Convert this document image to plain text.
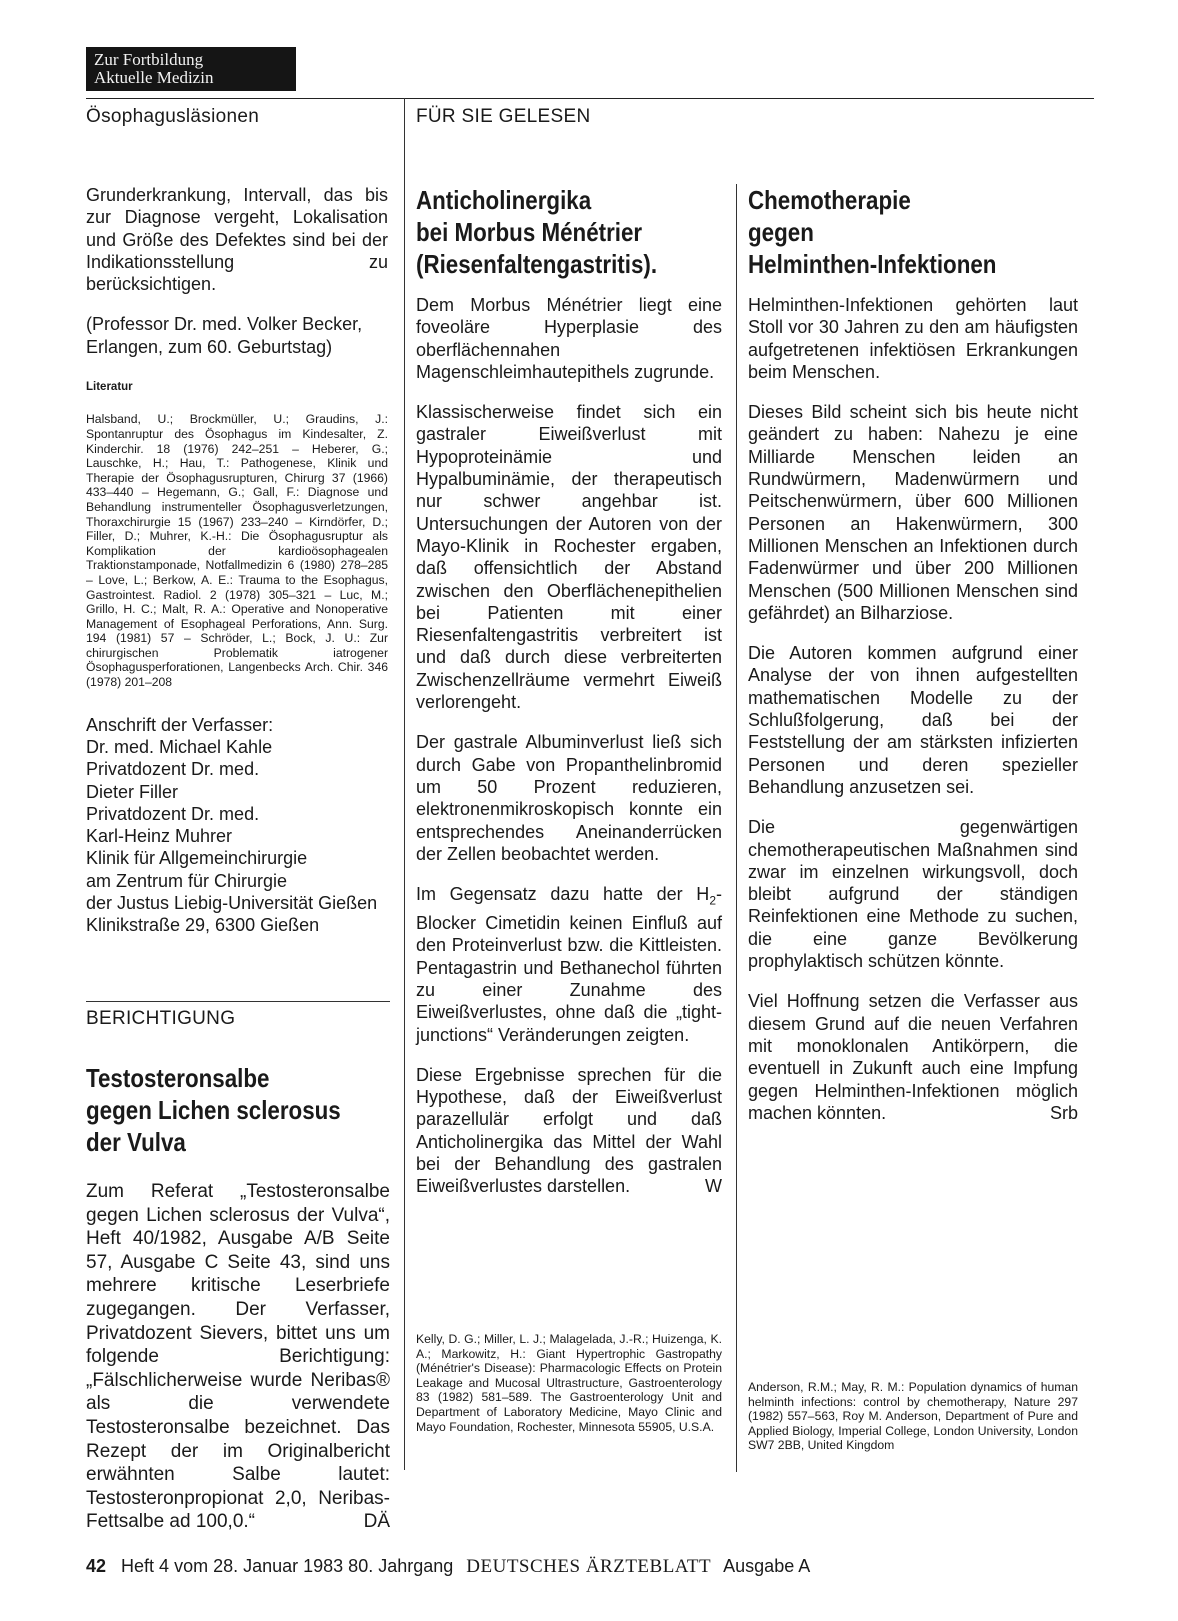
Zur Fortbildung
Aktuelle Medizin
Ösophagusläsionen

Grunderkrankung, Intervall, das bis zur Diagnose vergeht, Lokalisation und Größe des Defektes sind bei der Indikationsstellung zu berücksichtigen.

(Professor Dr. med. Volker Becker, Erlangen, zum 60. Geburtstag)

Literatur
Halsband, U.; Brockmüller, U.; Graudins, J.: Spontanruptur des Ösophagus im Kindesalter, Z. Kinderchir. 18 (1976) 242–251 – Heberer, G.; Lauschke, H.; Hau, T.: Pathogenese, Klinik und Therapie der Ösophagusrupturen, Chirurg 37 (1966) 433–440 – Hegemann, G.; Gall, F.: Diagnose und Behandlung instrumenteller Ösophagusverletzungen, Thoraxchirurgie 15 (1967) 233–240 – Kirndörfer, D.; Filler, D.; Muhrer, K.-H.: Die Ösophagusruptur als Komplikation der kardioösophagealen Traktionstamponade, Notfallmedizin 6 (1980) 278–285 – Love, L.; Berkow, A. E.: Trauma to the Esophagus, Gastrointest. Radiol. 2 (1978) 305–321 – Luc, M.; Grillo, H. C.; Malt, R. A.: Operative and Nonoperative Management of Esophageal Perforations, Ann. Surg. 194 (1981) 57 – Schröder, L.; Bock, J. U.: Zur chirurgischen Problematik iatrogener Ösophagusperforationen, Langenbecks Arch. Chir. 346 (1978) 201–208
Anschrift der Verfasser:
Dr. med. Michael Kahle
Privatdozent Dr. med.
Dieter Filler
Privatdozent Dr. med.
Karl-Heinz Muhrer
Klinik für Allgemeinchirurgie
am Zentrum für Chirurgie
der Justus Liebig-Universität Gießen
Klinikstraße 29, 6300 Gießen
BERICHTIGUNG
Testosteronsalbe
gegen Lichen sclerosus
der Vulva
Zum Referat „Testosteronsalbe gegen Lichen sclerosus der Vulva“, Heft 40/1982, Ausgabe A/B Seite 57, Ausgabe C Seite 43, sind uns mehrere kritische Leserbriefe zugegangen. Der Verfasser, Privatdozent Sievers, bittet uns um folgende Berichtigung: „Fälschlicherweise wurde Neribas® als die verwendete Testosteronsalbe bezeichnet. Das Rezept der im Originalbericht erwähnten Salbe lautet: Testosteronpropionat 2,0, Neribas-Fettsalbe ad 100,0.“	DÄ
FÜR SIE GELESEN
Anticholinergika
bei Morbus Ménétrier
(Riesenfaltengastritis).

Dem Morbus Ménétrier liegt eine foveoläre Hyperplasie des oberflächennahen Magenschleimhautepithels zugrunde.

Klassischerweise findet sich ein gastraler Eiweißverlust mit Hypoproteinämie und Hypalbuminämie, der therapeutisch nur schwer angehbar ist. Untersuchungen der Autoren von der Mayo-Klinik in Rochester ergaben, daß offensichtlich der Abstand zwischen den Oberflächenepithelien bei Patienten mit einer Riesenfaltengastritis verbreitert ist und daß durch diese verbreiterten Zwischenzellräume vermehrt Eiweiß verlorengeht.

Der gastrale Albuminverlust ließ sich durch Gabe von Propanthelinbromid um 50 Prozent reduzieren, elektronenmikroskopisch konnte ein entsprechendes Aneinanderrücken der Zellen beobachtet werden.

Im Gegensatz dazu hatte der $H_2$-Blocker Cimetidin keinen Einfluß auf den Proteinverlust bzw. die Kittleisten. Pentagastrin und Bethanechol führten zu einer Zunahme des Eiweißverlustes, ohne daß die „tight-junctions“ Veränderungen zeigten.

Diese Ergebnisse sprechen für die Hypothese, daß der Eiweißverlust parazellulär erfolgt und daß Anticholinergika das Mittel der Wahl bei der Behandlung des gastralen Eiweißverlustes darstellen.	W

Kelly, D. G.; Miller, L. J.; Malagelada, J.-R.; Huizenga, K. A.; Markowitz, H.: Giant Hypertrophic Gastropathy (Ménétrier's Disease): Pharmacologic Effects on Protein Leakage and Mucosal Ultrastructure, Gastroenterology 83 (1982) 581–589. The Gastroenterology Unit and Department of Laboratory Medicine, Mayo Clinic and Mayo Foundation, Rochester, Minnesota 55905, U.S.A.
Chemotherapie
gegen
Helminthen-Infektionen

Helminthen-Infektionen gehörten laut Stoll vor 30 Jahren zu den am häufigsten aufgetretenen infektiösen Erkrankungen beim Menschen.

Dieses Bild scheint sich bis heute nicht geändert zu haben: Nahezu je eine Milliarde Menschen leiden an Rundwürmern, Madenwürmern und Peitschenwürmern, über 600 Millionen Personen an Hakenwürmern, 300 Millionen Menschen an Infektionen durch Fadenwürmer und über 200 Millionen Menschen (500 Millionen Menschen sind gefährdet) an Bilharziose.

Die Autoren kommen aufgrund einer Analyse der von ihnen aufgestellten mathematischen Modelle zu der Schlußfolgerung, daß bei der Feststellung der am stärksten infizierten Personen und deren spezieller Behandlung anzusetzen sei.

Die gegenwärtigen chemotherapeutischen Maßnahmen sind zwar im einzelnen wirkungsvoll, doch bleibt aufgrund der ständigen Reinfektionen eine Methode zu suchen, die eine ganze Bevölkerung prophylaktisch schützen könnte.

Viel Hoffnung setzen die Verfasser aus diesem Grund auf die neuen Verfahren mit monoklonalen Antikörpern, die eventuell in Zukunft auch eine Impfung gegen Helminthen-Infektionen möglich machen könnten.	Srb

Anderson, R.M.; May, R. M.: Population dynamics of human helminth infections: control by chemotherapy, Nature 297 (1982) 557–563, Roy M. Anderson, Department of Pure and Applied Biology, Imperial College, London University, London SW7 2BB, United Kingdom
42 Heft 4 vom 28. Januar 1983 80. Jahrgang DEUTSCHES ÄRZTEBLATT Ausgabe A
